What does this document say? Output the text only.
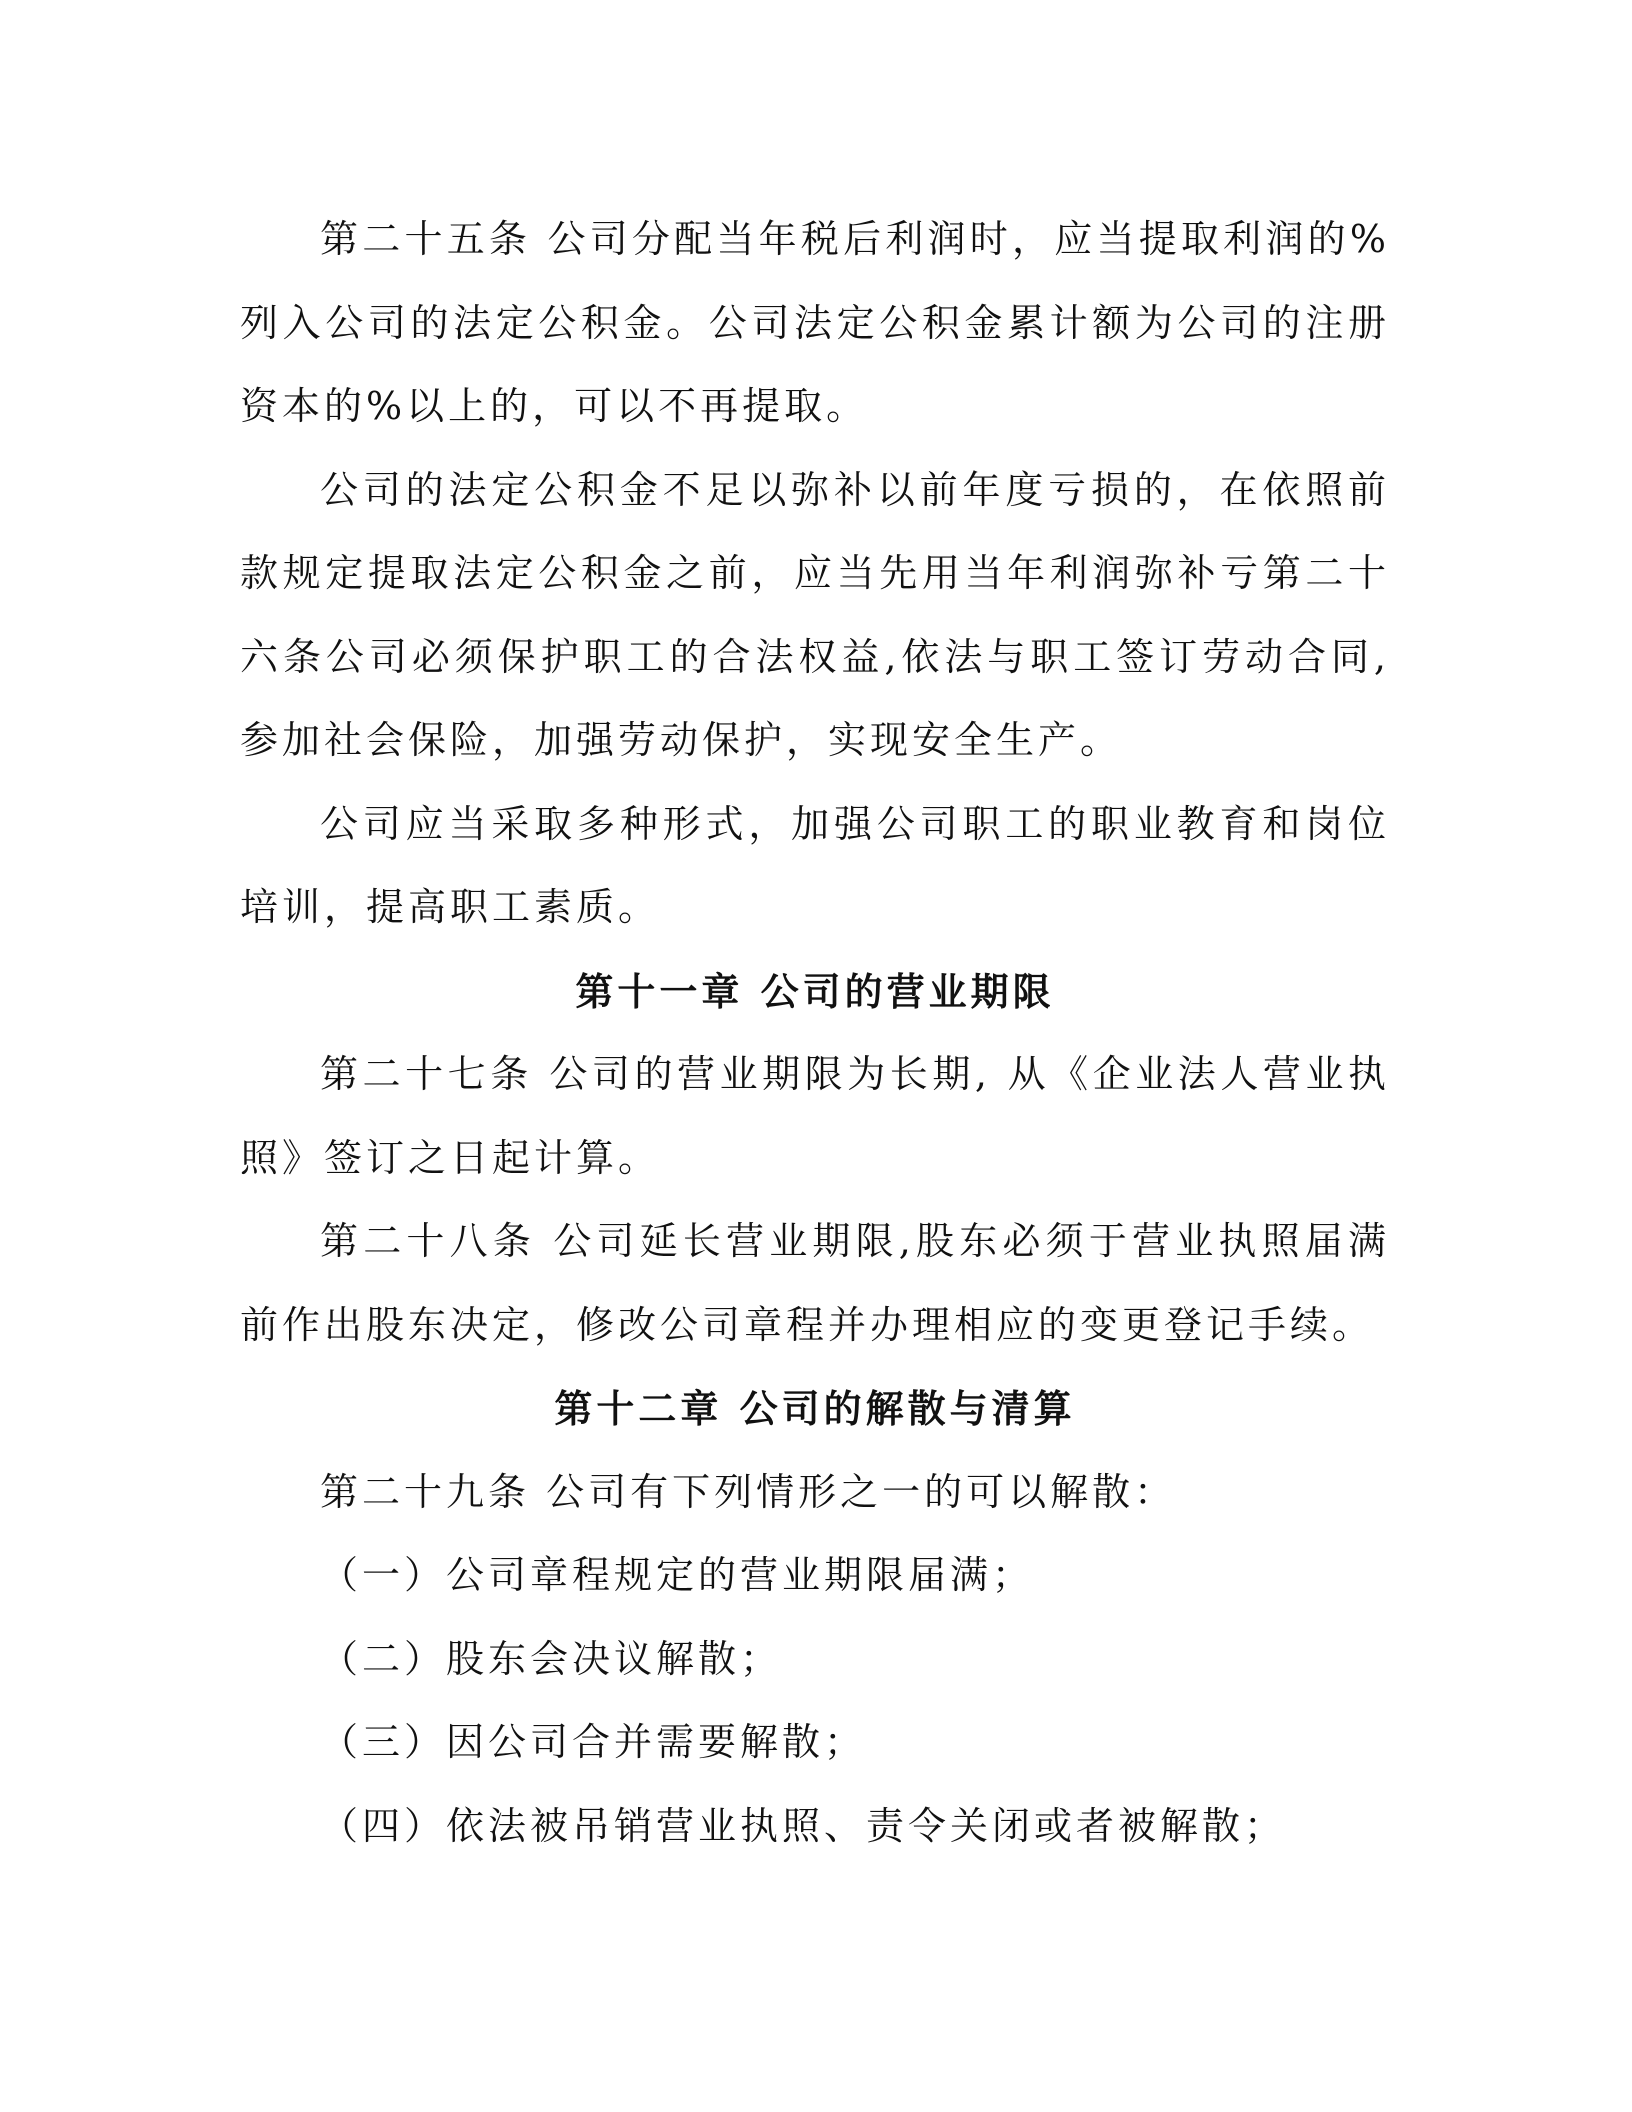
第二十五条 公司分配当年税后利润时，应当提取利润的%列入公司的法定公积金。公司法定公积金累计额为公司的注册资本的%以上的，可以不再提取。

公司的法定公积金不足以弥补以前年度亏损的，在依照前款规定提取法定公积金之前，应当先用当年利润弥补亏第二十六条公司必须保护职工的合法权益,依法与职工签订劳动合同,参加社会保险，加强劳动保护，实现安全生产。

公司应当采取多种形式，加强公司职工的职业教育和岗位培训，提高职工素质。

第十一章 公司的营业期限

第二十七条 公司的营业期限为长期, 从《企业法人营业执照》签订之日起计算。

第二十八条 公司延长营业期限,股东必须于营业执照届满前作出股东决定，修改公司章程并办理相应的变更登记手续。

第十二章 公司的解散与清算

第二十九条 公司有下列情形之一的可以解散：

（一）公司章程规定的营业期限届满；

（二）股东会决议解散；

（三）因公司合并需要解散；

（四）依法被吊销营业执照、责令关闭或者被解散；
